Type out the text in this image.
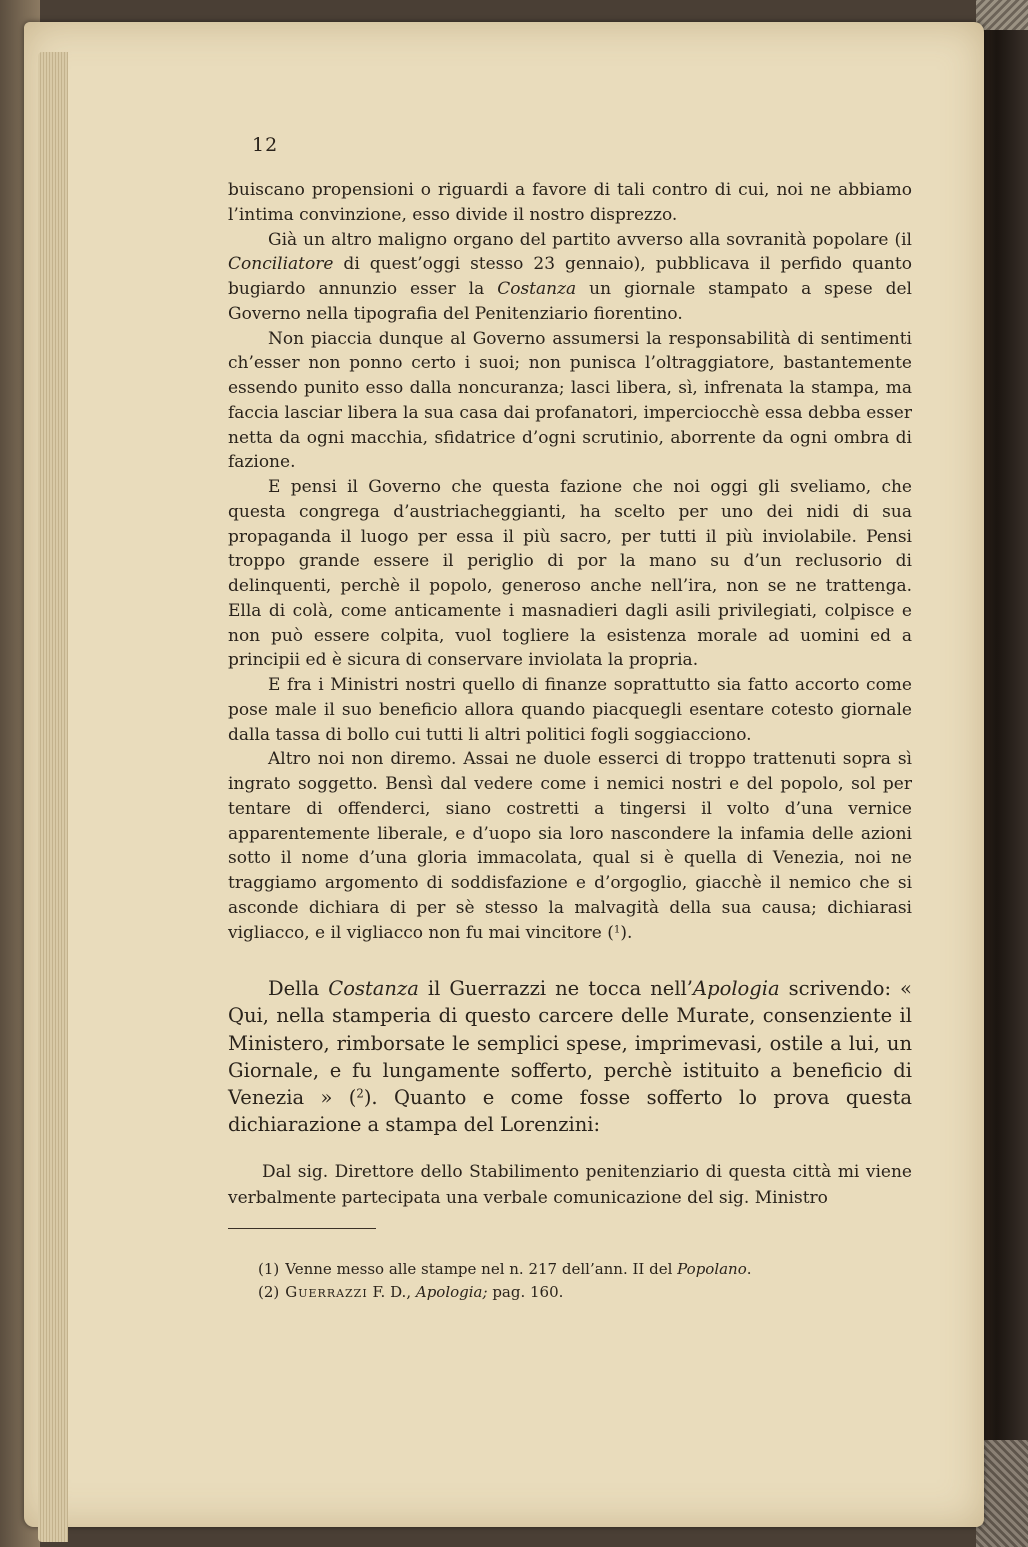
12

buiscano propensioni o riguardi a favore di tali contro di cui, noi ne abbiamo l’intima convinzione, esso divide il nostro disprezzo.

Già un altro maligno organo del partito avverso alla sovranità popolare (il Conciliatore di quest’oggi stesso 23 gennaio), pubblicava il perfido quanto bugiardo annunzio esser la Costanza un giornale stampato a spese del Governo nella tipografia del Penitenziario fiorentino.

Non piaccia dunque al Governo assumersi la responsabilità di sentimenti ch’esser non ponno certo i suoi; non punisca l’oltraggiatore, bastantemente essendo punito esso dalla noncuranza; lasci libera, sì, infrenata la stampa, ma faccia lasciar libera la sua casa dai profanatori, imperciocchè essa debba esser netta da ogni macchia, sfidatrice d’ogni scrutinio, aborrente da ogni ombra di fazione.

E pensi il Governo che questa fazione che noi oggi gli sveliamo, che questa congrega d’austriacheggianti, ha scelto per uno dei nidi di sua propaganda il luogo per essa il più sacro, per tutti il più inviolabile. Pensi troppo grande essere il periglio di por la mano su d’un reclusorio di delinquenti, perchè il popolo, generoso anche nell’ira, non se ne trattenga. Ella di colà, come anticamente i masnadieri dagli asili privilegiati, colpisce e non può essere colpita, vuol togliere la esistenza morale ad uomini ed a principii ed è sicura di conservare inviolata la propria.

E fra i Ministri nostri quello di finanze soprattutto sia fatto accorto come pose male il suo beneficio allora quando piacquegli esentare cotesto giornale dalla tassa di bollo cui tutti li altri politici fogli soggiacciono.

Altro noi non diremo. Assai ne duole esserci di troppo trattenuti sopra sì ingrato soggetto. Bensì dal vedere come i nemici nostri e del popolo, sol per tentare di offenderci, siano costretti a tingersi il volto d’una vernice apparentemente liberale, e d’uopo sia loro nascondere la infamia delle azioni sotto il nome d’una gloria immacolata, qual si è quella di Venezia, noi ne traggiamo argomento di soddisfazione e d’orgoglio, giacchè il nemico che si asconde dichiara di per sè stesso la malvagità della sua causa; dichiarasi vigliacco, e il vigliacco non fu mai vincitore ($^1$).

Della Costanza il Guerrazzi ne tocca nell’Apologia scrivendo: « Qui, nella stamperia di questo carcere delle Murate, consenziente il Ministero, rimborsate le semplici spese, imprimevasi, ostile a lui, un Giornale, e fu lungamente sofferto, perchè istituito a beneficio di Venezia » ($^2$). Quanto e come fosse sofferto lo prova questa dichiarazione a stampa del Lorenzini:

Dal sig. Direttore dello Stabilimento penitenziario di questa città mi viene verbalmente partecipata una verbale comunicazione del sig. Ministro

(1) Venne messo alle stampe nel n. 217 dell’ann. II del Popolano.
(2) Guerrazzi F. D., Apologia; pag. 160.
